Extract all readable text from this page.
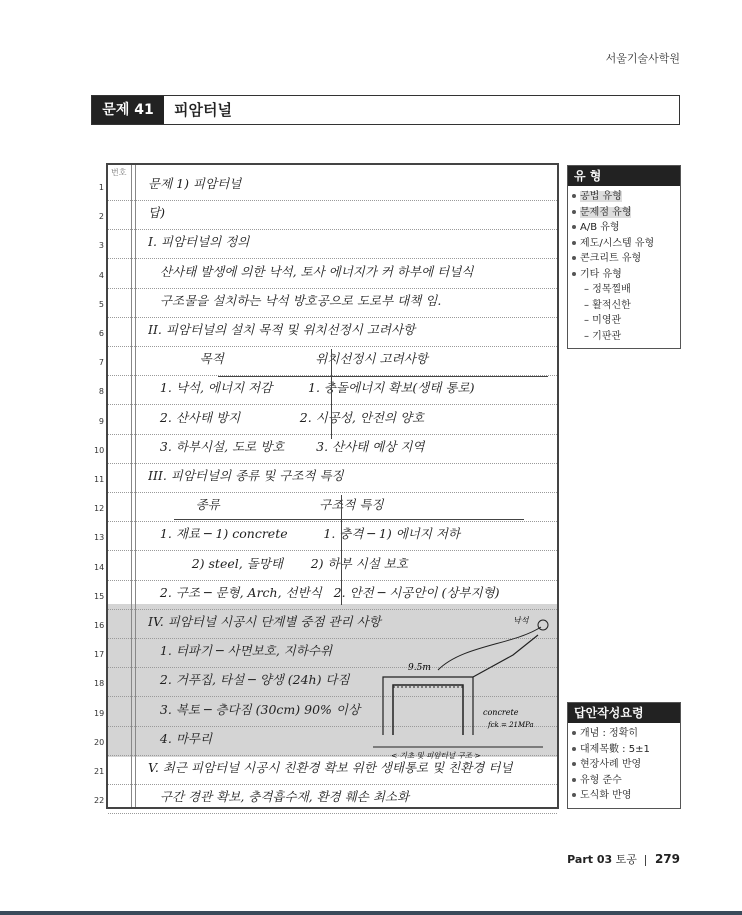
서울기술사학원
문제 41	피암터널
번호
1	문제 1) 피암터널
2	답)
3	I. 피암터널의 정의
4	산사태 발생에 의한 낙석, 토사 에너지가 커 하부에 터널식
5	구조물을 설치하는 낙석 방호공으로 도로부 대책 임.
6	II. 피암터널의 설치 목적 및 위치선정시 고려사항
7	목적                       위치선정시 고려사항
8	1. 낙석, 에너지 저감         1. 충돌에너지 확보(생태 통로)
9	2. 산사태 방지               2. 시공성, 안전의 양호
10	3. 하부시설, 도로 방호        3. 산사태 예상 지역
11	III. 피암터널의 종류 및 구조적 특징
12	종류                         구조적 특징
13	1. 재료 ─ 1) concrete         1. 충격 ─ 1) 에너지 저하
14	2) steel, 돌망태       2) 하부 시설 보호
15	2. 구조 ─ 문형, Arch, 선반식   2. 안전 ─ 시공안이 (상부지형)
16	IV. 피암터널 시공시 단계별 중점 관리 사항
17	1. 터파기 ─ 사면보호, 지하수위
18	2. 거푸집, 타설 ─ 양생 (24h) 다짐
19	3. 복토 ─ 층다짐 (30cm) 90% 이상
20	4. 마무리
21	V. 최근 피암터널 시공시 친환경 확보 위한 생태통로 및 친환경 터널
22	구간 경관 확보, 충격흡수재, 환경 훼손 최소화
9.5m
낙석
concrete
fck = 21MPa
< 기초 및 피암터널 구조 >
유 형
공법 유형
문제점 유형
A/B 유형
제도/시스템 유형
콘크리트 유형
기타 유형
– 정목찔배
– 활적신한
– 미영관
– 기판관
답안작성요령
개념 : 정확히
대제목數 : 5±1
현장사례 반영
유형 준수
도식화 반영
Part 03 토공 279
